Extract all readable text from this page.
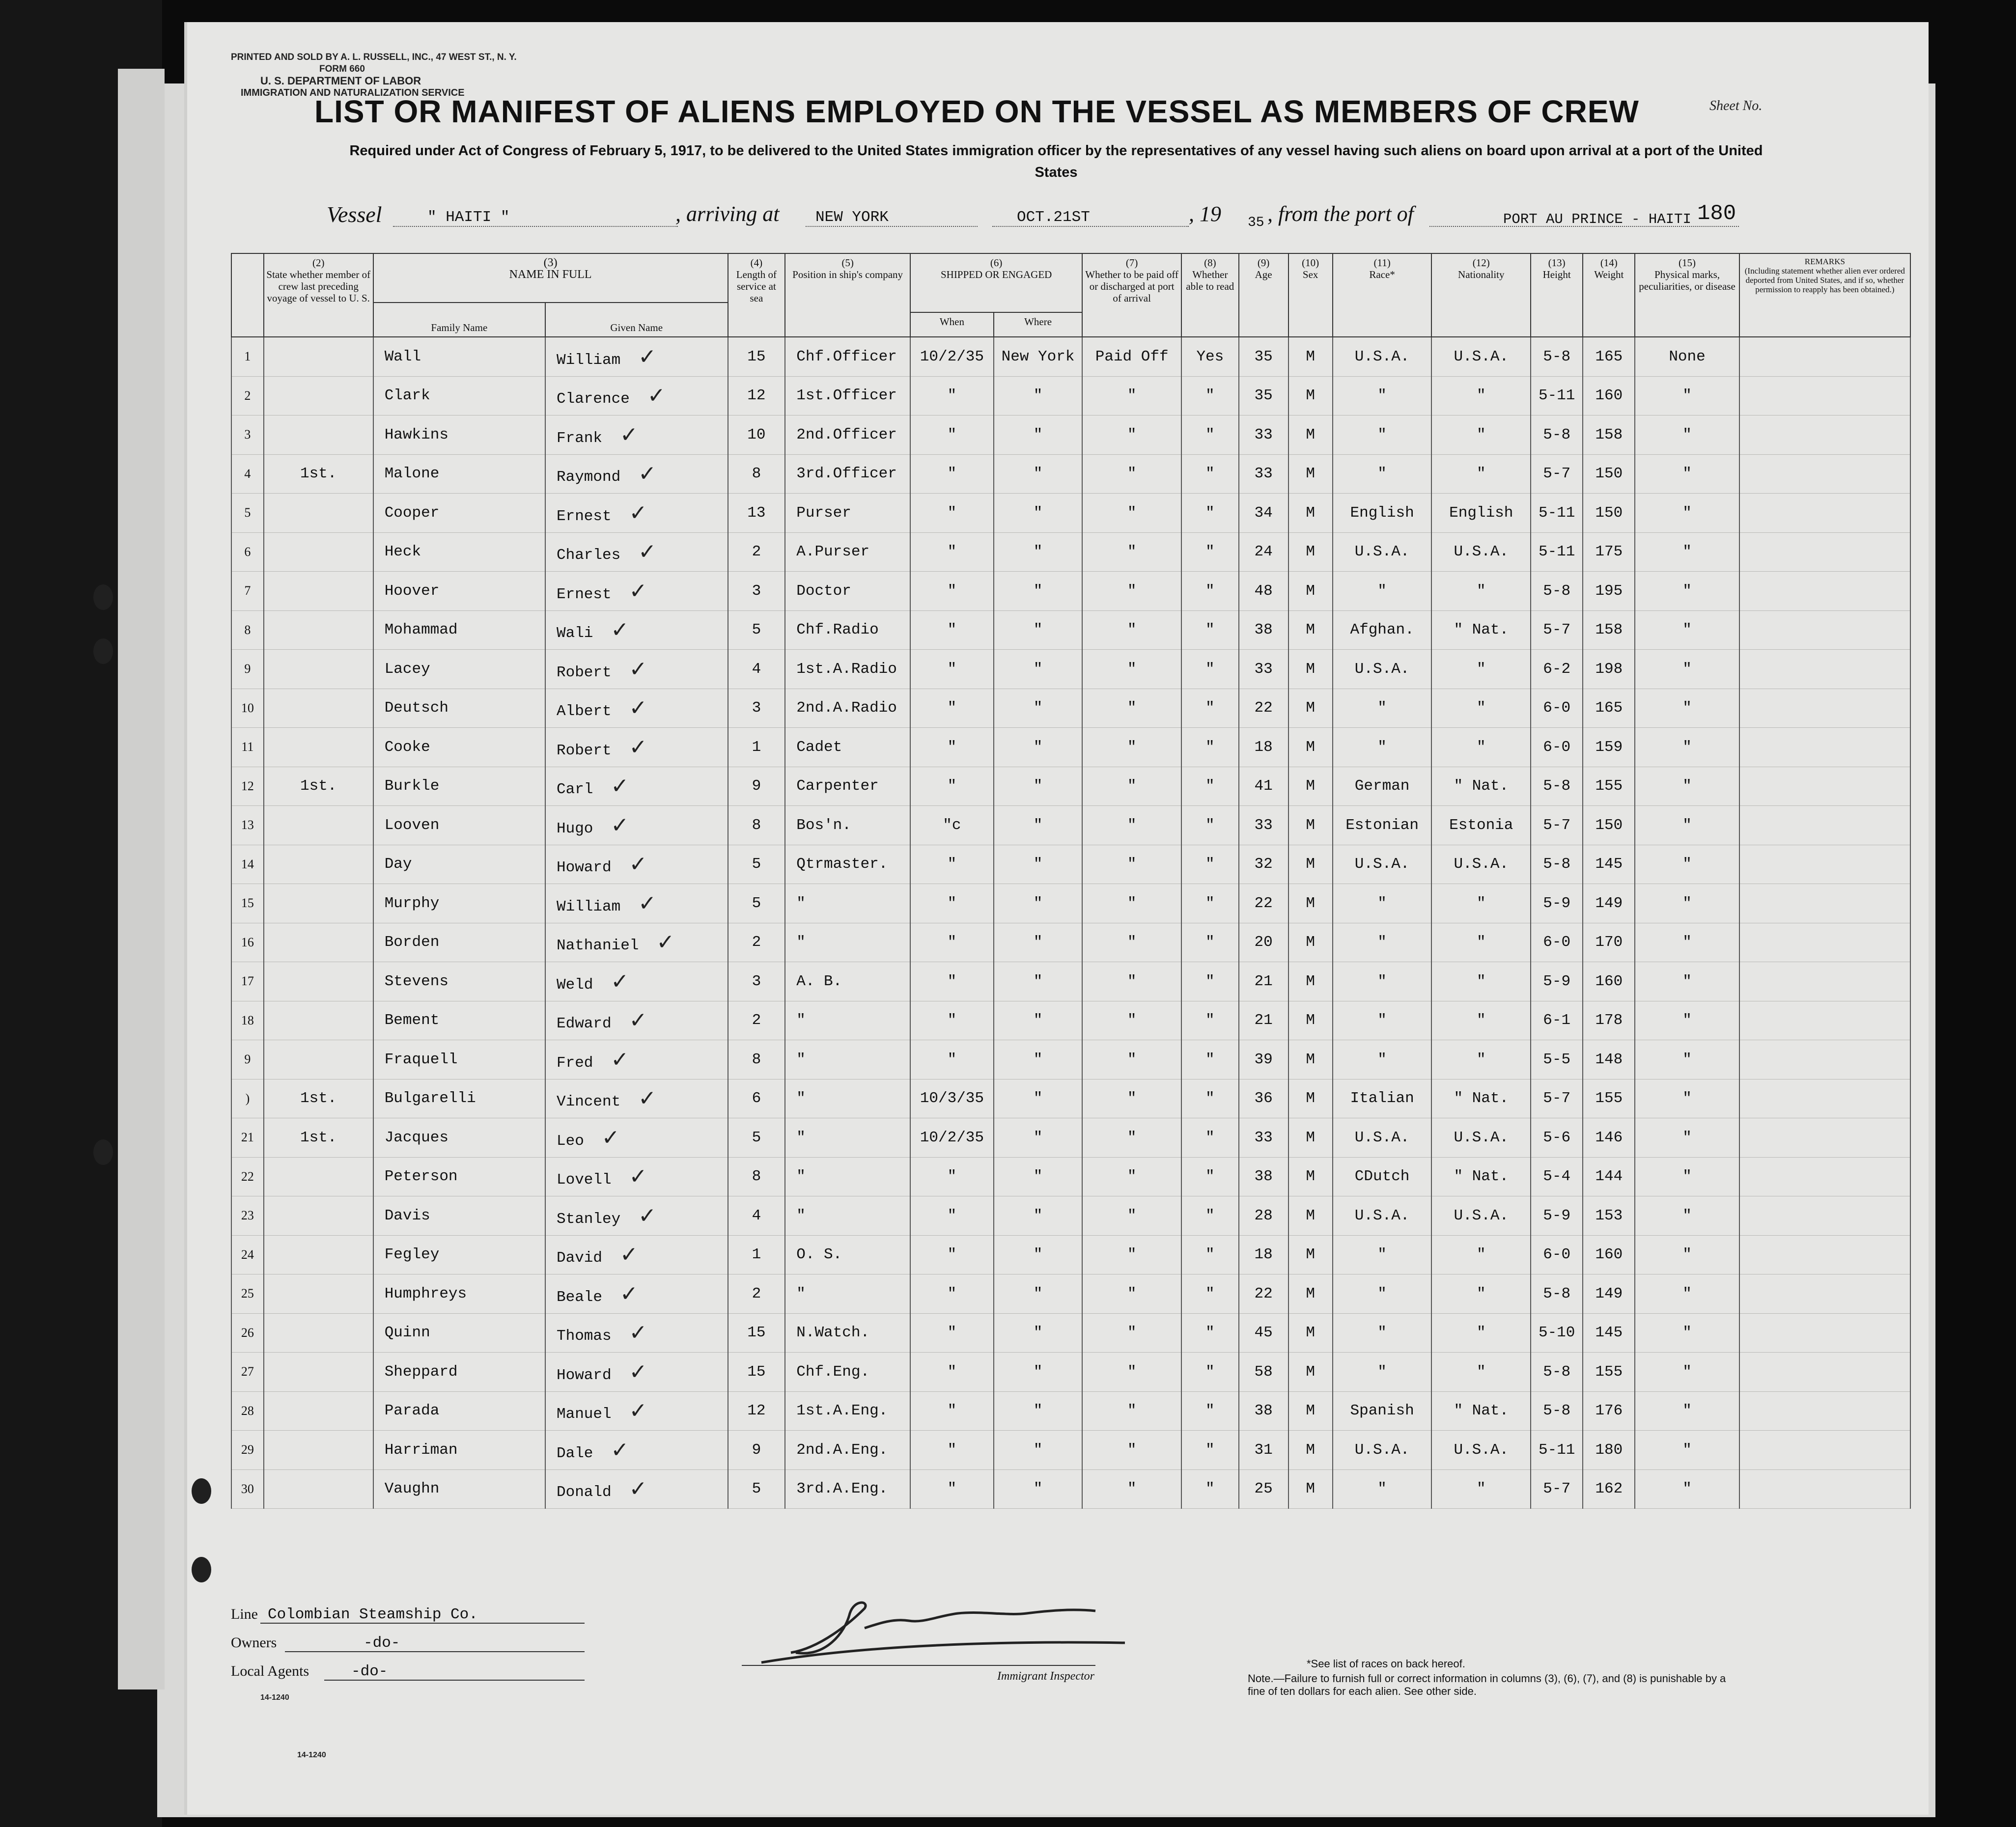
PRINTED AND SOLD BY A. L. RUSSELL, INC., 47 WEST ST., N. Y.
FORM 660
U. S. DEPARTMENT OF LABOR
IMMIGRATION AND NATURALIZATION SERVICE
Sheet No.
LIST OR MANIFEST OF ALIENS EMPLOYED ON THE VESSEL AS MEMBERS OF CREW
Required under Act of Congress of February 5, 1917, to be delivered to the United States immigration officer by the representatives of any vessel having such aliens on board upon arrival at a port of the United States
Vessel	" HAITI "	, arriving at NEW YORK	OCT.21ST	, 19 35 , from the port of	PORT AU PRINCE - HAITI 180
	(2)
State whether member of crew last preceding voyage of vessel to U. S.	(3)
NAME IN FULL		(4)
Length of service at sea	(5)
Position in ship's company	(6)
SHIPPED OR ENGAGED		(7)
Whether to be paid off or discharged at port of arrival	(8)
Whether able to read	(9)
Age	(10)
Sex	(11)
Race*	(12)
Nationality	(13)
Height	(14)
Weight	(15)
Physical marks, peculiarities, or disease	REMARKS
(Including statement whether alien ever ordered deported from United States, and if so, whether permission to reapply has been obtained.)
		Family Name	Given Name														
						When	Where										
1		Wall	William ✓	15	Chf.Officer	10/2/35	New York	Paid Off	Yes	35	M	U.S.A.	U.S.A.	5-8	165	None	
2		Clark	Clarence ✓	12	1st.Officer	"	"	"	"	35	M	"	"	5-11	160	"	
3		Hawkins	Frank ✓	10	2nd.Officer	"	"	"	"	33	M	"	"	5-8	158	"	
4	1st.	Malone	Raymond ✓	8	3rd.Officer	"	"	"	"	33	M	"	"	5-7	150	"	
5		Cooper	Ernest ✓	13	Purser	"	"	"	"	34	M	English	English	5-11	150	"	
6		Heck	Charles ✓	2	A.Purser	"	"	"	"	24	M	U.S.A.	U.S.A.	5-11	175	"	
7		Hoover	Ernest ✓	3	Doctor	"	"	"	"	48	M	"	"	5-8	195	"	
8		Mohammad	Wali ✓	5	Chf.Radio	"	"	"	"	38	M	Afghan.	" Nat.	5-7	158	"	
9		Lacey	Robert ✓	4	1st.A.Radio	"	"	"	"	33	M	U.S.A.	"	6-2	198	"	
10		Deutsch	Albert ✓	3	2nd.A.Radio	"	"	"	"	22	M	"	"	6-0	165	"	
11		Cooke	Robert ✓	1	Cadet	"	"	"	"	18	M	"	"	6-0	159	"	
12	1st.	Burkle	Carl ✓	9	Carpenter	"	"	"	"	41	M	German	" Nat.	5-8	155	"	
13		Looven	Hugo ✓	8	Bos'n.	"c	"	"	"	33	M	Estonian	Estonia	5-7	150	"	
14		Day	Howard ✓	5	Qtrmaster.	"	"	"	"	32	M	U.S.A.	U.S.A.	5-8	145	"	
15		Murphy	William ✓	5	"	"	"	"	"	22	M	"	"	5-9	149	"	
16		Borden	Nathaniel ✓	2	"	"	"	"	"	20	M	"	"	6-0	170	"	
17		Stevens	Weld ✓	3	A. B.	"	"	"	"	21	M	"	"	5-9	160	"	
18		Bement	Edward ✓	2	"	"	"	"	"	21	M	"	"	6-1	178	"	
9		Fraquell	Fred ✓	8	"	"	"	"	"	39	M	"	"	5-5	148	"	
)	1st.	Bulgarelli	Vincent ✓	6	"	10/3/35	"	"	"	36	M	Italian	" Nat.	5-7	155	"	
21	1st.	Jacques	Leo ✓	5	"	10/2/35	"	"	"	33	M	U.S.A.	U.S.A.	5-6	146	"	
22		Peterson	Lovell ✓	8	"	"	"	"	"	38	M	CDutch	" Nat.	5-4	144	"	
23		Davis	Stanley ✓	4	"	"	"	"	"	28	M	U.S.A.	U.S.A.	5-9	153	"	
24		Fegley	David ✓	1	O. S.	"	"	"	"	18	M	"	"	6-0	160	"	
25		Humphreys	Beale ✓	2	"	"	"	"	"	22	M	"	"	5-8	149	"	
26		Quinn	Thomas ✓	15	N.Watch.	"	"	"	"	45	M	"	"	5-10	145	"	
27		Sheppard	Howard ✓	15	Chf.Eng.	"	"	"	"	58	M	"	"	5-8	155	"	
28		Parada	Manuel ✓	12	1st.A.Eng.	"	"	"	"	38	M	Spanish	" Nat.	5-8	176	"	
29		Harriman	Dale ✓	9	2nd.A.Eng.	"	"	"	"	31	M	U.S.A.	U.S.A.	5-11	180	"	
30		Vaughn	Donald ✓	5	3rd.A.Eng.	"	"	"	"	25	M	"	"	5-7	162	"	
Line Colombian Steamship Co.
Owners	-do-
Local Agents	-do-
14-1240
Immigrant Inspector
*See list of races on back hereof.
Note.—Failure to furnish full or correct information in columns (3), (6), (7), and (8) is punishable by a fine of ten dollars for each alien. See other side.
14-1240
